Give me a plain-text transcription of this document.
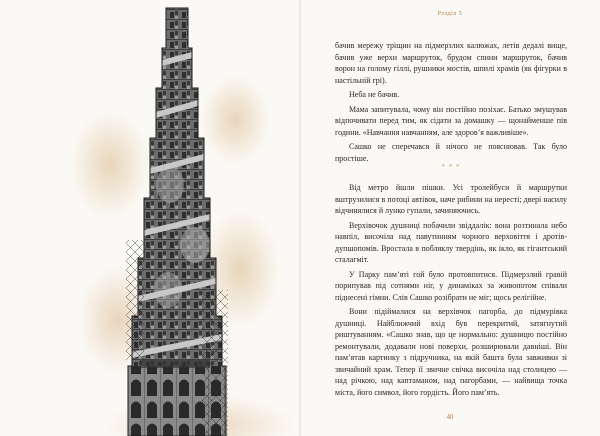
Розділ 5

бачив мережу тріщин на підмерзлих калюжах, летів дедалі вище, бачив уже верхи маршруток, брудом спини маршруток, бачив ворон на голому гіллі, рушники мостів, шпилі храмів (як фігурки в настільній грі).

Неба не бачив.

Мама запитувала, чому він постійно позіхає. Батько змушував відпочивати перед тим, як сідати за домашку — щонайменше пів години. «Навчання навчанням, але здоров’я важливіше».

Сашко не сперечався й нічого не пояснював. Так було простіше.

* * *

Від метро йшли пішки. Усі тролейбуси й маршрутки вштрузилися в потоці автівок, наче рибини на нересті; двері насилу відчинялися й лунко гупали, зачиняючись.

Верхівочок душниці побачили звіддалік: вона розтинала небо навпіл, височіла над павутинням чорного верховіття і дротів-дупшопомів. Вростала в побляклу твердінь, як ікло, як гігантський сталагміт.

У Парку пам’яті гой було протовпитися. Підмерзлий гравій порипував під сотнями ніг, у динаміках за живопотом співали піднесені гімни. Слів Сашко розібрати не міг; щось релігійне.

Вони підіймалися на верхівчок пагорба, до підмурівка душниці. Найближчий вхід був перекритий, затягнутий риштуванням. «Сашко знав, що це нормально: душницю постійно ремонтували, додавали нові поверхи, розширювали давніші. Він пам’ятав картинку з підручника, на якій башта була завживки зі звичайний храм. Тепер її звичне свічка височіла над столицею — над річкою, над каптаманом, над пагорбами, — найвища точка міста, його символ, його гордість. Його пам’ять.

40
